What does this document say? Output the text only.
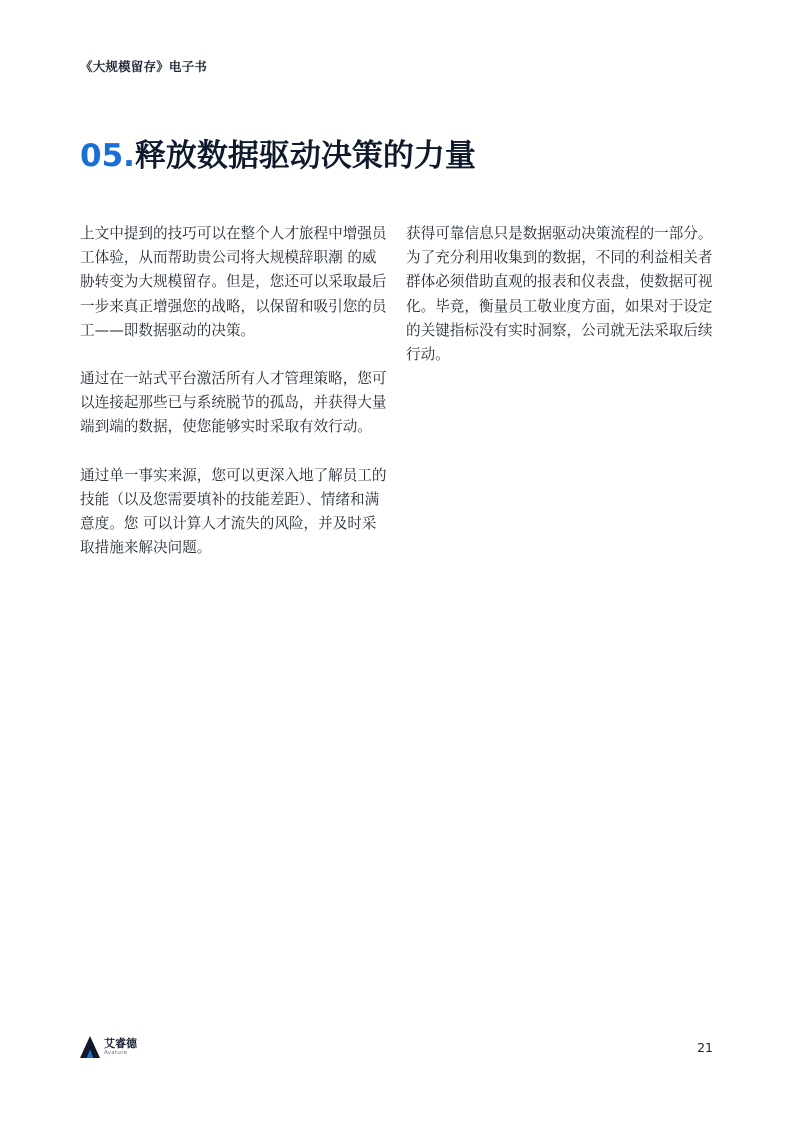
《大规模留存》电子书
05.释放数据驱动决策的力量

上文中提到的技巧可以在整个人才旅程中增强员工体验，从而帮助贵公司将大规模辞职潮 的威胁转变为大规模留存。但是，您还可以采取最后一步来真正增强您的战略，以保留和吸引您的员工——即数据驱动的决策。

通过在一站式平台激活所有人才管理策略，您可以连接起那些已与系统脱节的孤岛，并获得大量端到端的数据，使您能够实时采取有效行动。

通过单一事实来源，您可以更深入地了解员工的技能（以及您需要填补的技能差距）、情绪和满意度。您 可以计算人才流失的风险，并及时采取措施来解决问题。

获得可靠信息只是数据驱动决策流程的一部分。为了充分利用收集到的数据，不同的利益相关者群体必须借助直观的报表和仪表盘，使数据可视化。毕竟，衡量员工敬业度方面，如果对于设定的关键指标没有实时洞察，公司就无法采取后续行动。

艾睿德
Avature	21
